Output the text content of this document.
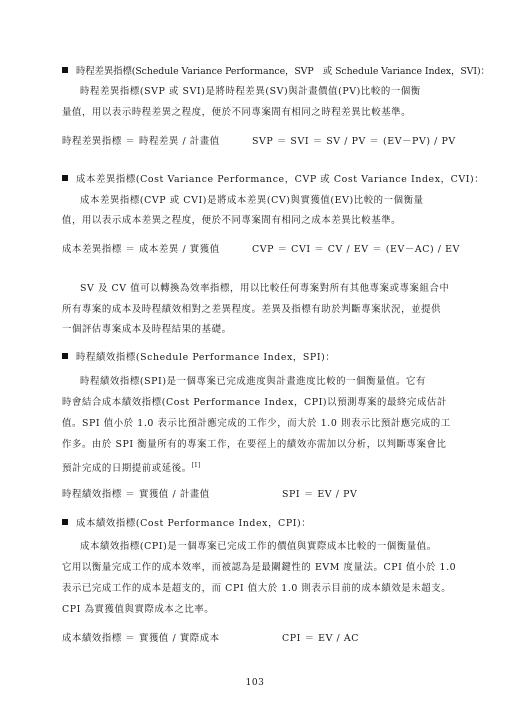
時程差異指標(Schedule Variance Performance，SVP　或 Schedule Variance Index，SVI)：
時程差異指標(SVP 或 SVI)是將時程差異(SV)與計畫價值(PV)比較的一個衡
量值，用以表示時程差異之程度，便於不同專案間有相同之時程差異比較基準。
時程差異指標 ＝ 時程差異 / 計畫值	SVP ＝ SVI ＝ SV / PV ＝ (EV－PV) / PV
成本差異指標(Cost Variance Performance，CVP 或 Cost Variance Index，CVI)：
成本差異指標(CVP 或 CVI)是將成本差異(CV)與實獲值(EV)比較的一個衡量
值，用以表示成本差異之程度，便於不同專案間有相同之成本差異比較基準。
成本差異指標 ＝ 成本差異 / 實獲值	CVP ＝ CVI ＝ CV / EV ＝ (EV－AC) / EV
SV 及 CV 值可以轉換為效率指標，用以比較任何專案對所有其他專案或專案組合中
所有專案的成本及時程績效相對之差異程度。差異及指標有助於判斷專案狀況，並提供
一個評估專案成本及時程結果的基礎。
時程績效指標(Schedule Performance Index，SPI)：
時程績效指標(SPI)是一個專案已完成進度與計畫進度比較的一個衡量值。它有
時會結合成本績效指標(Cost Performance Index，CPI)以預測專案的最終完成估計
值。SPI 值小於 1.0 表示比預計應完成的工作少，而大於 1.0 則表示比預計應完成的工
作多。由於 SPI 衡量所有的專案工作，在要徑上的績效亦需加以分析，以判斷專案會比
預計完成的日期提前或延後。[1]
時程績效指標 ＝ 實獲值 / 計畫值	SPI ＝ EV / PV
成本績效指標(Cost Performance Index，CPI)：
成本績效指標(CPI)是一個專案已完成工作的價值與實際成本比較的一個衡量值。
它用以衡量完成工作的成本效率，而被認為是最關鍵性的 EVM 度量法。CPI 值小於 1.0
表示已完成工作的成本是超支的，而 CPI 值大於 1.0 則表示目前的成本績效是未超支。
CPI 為實獲值與實際成本之比率。
成本績效指標 ＝ 實獲值 / 實際成本	CPI ＝ EV / AC
103
